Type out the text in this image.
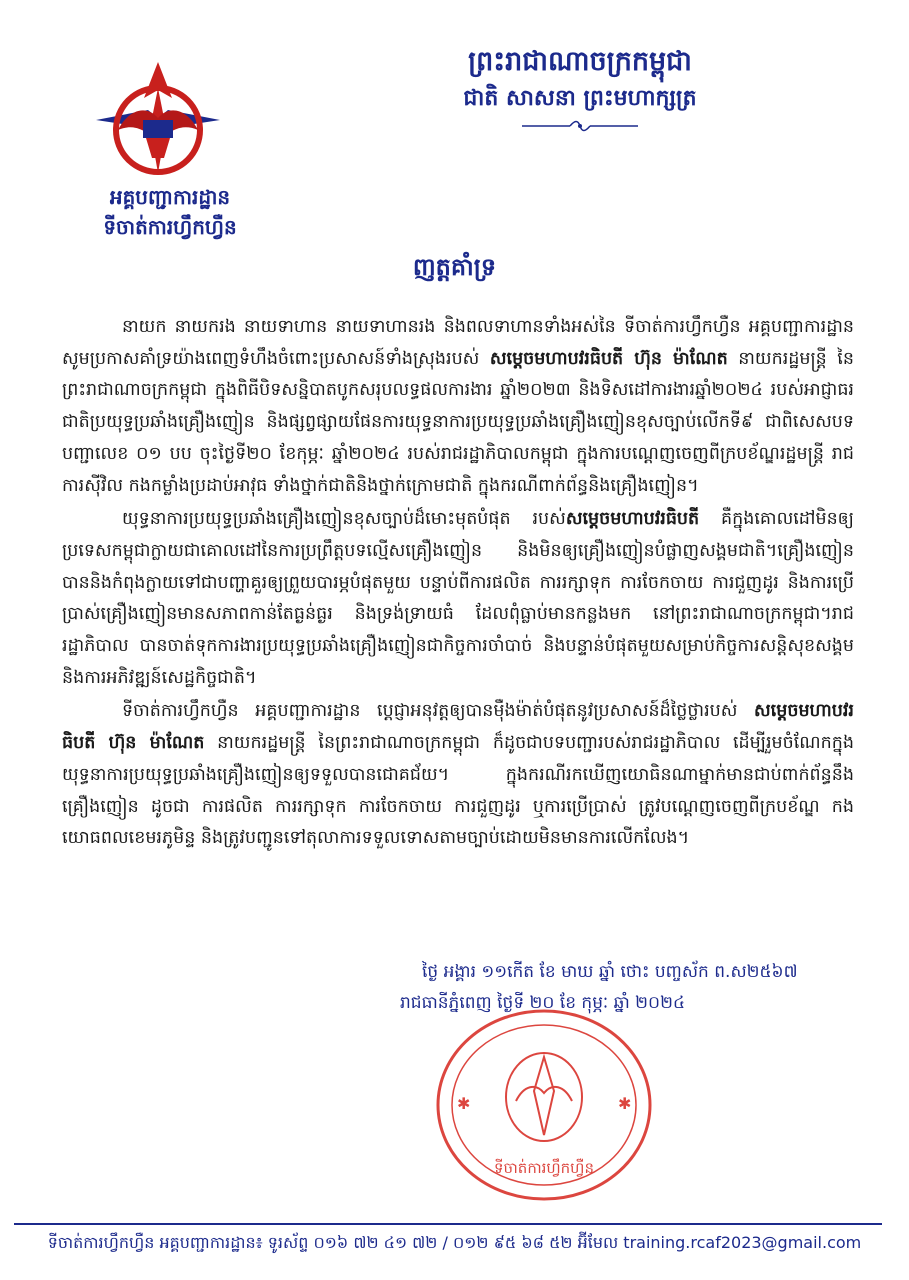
អគ្គបញ្ជាការដ្ឋាន
ទីចាត់ការហ្វឹកហ្វឺន
ព្រះរាជាណាចក្រកម្ពុជា
ជាតិ សាសនា ព្រះមហាក្សត្រ
ញត្តគាំទ្រ

នាយក នាយករង នាយទាហាន នាយទាហានរង និងពលទាហានទាំងអស់នៃ ទីចាត់ការហ្វឹកហ្វឺន អគ្គបញ្ជាការដ្ឋាន សូមប្រកាសគាំទ្រយ៉ាងពេញទំហឹងចំពោះប្រសាសន៍ទាំងស្រុងរបស់ សម្ដេចមហាបវរធិបតី ហ៊ុន ម៉ាណែត នាយករដ្ឋមន្ត្រី នៃព្រះរាជាណាចក្រកម្ពុជា ក្នុងពិធីបិទសន្និបាតបូកសរុបលទ្ធផលការងារ ឆ្នាំ២០២៣ និងទិសដៅការងារឆ្នាំ២០២៤ របស់អាជ្ញាធរជាតិប្រយុទ្ធប្រឆាំងគ្រឿងញៀន និងផ្សព្វផ្សាយផែនការយុទ្ធនាការប្រយុទ្ធប្រឆាំងគ្រឿងញៀនខុសច្បាប់លើកទី៩ ជាពិសេសបទបញ្ជាលេខ ០១ បប ចុះថ្ងៃទី២០ ខែកុម្ភៈ ឆ្នាំ២០២៤ របស់រាជរដ្ឋាភិបាលកម្ពុជា ក្នុងការបណ្ដេញចេញពីក្របខ័ណ្ឌរដ្ឋមន្ត្រី រាជការស៊ីវិល កងកម្លាំងប្រដាប់អាវុធ ទាំងថ្នាក់ជាតិនិងថ្នាក់ក្រោមជាតិ ក្នុងករណីពាក់ព័ន្ធនិងគ្រឿងញៀន។

យុទ្ធនាការប្រយុទ្ធប្រឆាំងគ្រឿងញៀនខុសច្បាប់ដ៏មោះមុតបំផុត របស់សម្ដេចមហាបវរធិបតី គឺក្នុងគោលដៅមិនឲ្យប្រទេសកម្ពុជាក្លាយជាគោលដៅនៃការប្រព្រឹត្តបទល្មើសគ្រឿងញៀន និងមិនឲ្យគ្រឿងញៀនបំផ្លាញសង្គមជាតិ។គ្រឿងញៀន បាននិងកំពុងក្លាយទៅជាបញ្ហាគួរឲ្យព្រួយបារម្ភបំផុតមួយ បន្ទាប់ពីការផលិត ការរក្សាទុក ការចែកចាយ ការជួញដូរ និងការប្រើប្រាស់គ្រឿងញៀនមានសភាពកាន់តែធ្ងន់ធ្ងរ និងទ្រង់ទ្រាយធំ ដែលពុំធ្លាប់មានកន្លងមក នៅព្រះរាជាណាចក្រកម្ពុជា។រាជរដ្ឋាភិបាល បានចាត់ទុកការងារប្រយុទ្ធប្រឆាំងគ្រឿងញៀនជាកិច្ចការចាំបាច់ និងបន្ទាន់បំផុតមួយសម្រាប់កិច្ចការសន្តិសុខសង្គម និងការអភិវឌ្ឍន៍សេដ្ឋកិច្ចជាតិ។

ទីចាត់ការហ្វឹកហ្វឺន អគ្គបញ្ជាការដ្ឋាន ប្ដេជ្ញាអនុវត្តឲ្យបានម៉ឺងម៉ាត់បំផុតនូវប្រសាសន៍ដ៏ថ្លៃថ្លារបស់ សម្ដេចមហាបវរធិបតី ហ៊ុន ម៉ាណែត នាយករដ្ឋមន្ត្រី នៃព្រះរាជាណាចក្រកម្ពុជា ក៏ដូចជាបទបញ្ជារបស់រាជរដ្ឋាភិបាល ដើម្បីរួមចំណែកក្នុងយុទ្ធនាការប្រយុទ្ធប្រឆាំងគ្រឿងញៀនឲ្យទទួលបានជោគជ័យ។ ក្នុងករណីរកឃើញយោធិនណាម្នាក់មានជាប់ពាក់ព័ន្ធនឹងគ្រឿងញៀន ដូចជា ការផលិត ការរក្សាទុក ការចែកចាយ ការជួញដូរ ឬការប្រើប្រាស់ ត្រូវបណ្ដេញចេញពីក្របខ័ណ្ឌ កងយោធពលខេមរភូមិន្ទ និងត្រូវបញ្ជូនទៅតុលាការទទួលទោសតាមច្បាប់ដោយមិនមានការលើកលែង។

ថ្ងៃ អង្គារ ១១កើត ខែ មាឃ ឆ្នាំ ថោះ បញ្ចស័ក ព.ស២៥៦៧
រាជធានីភ្នំពេញ ថ្ងៃទី ២០ ខែ កុម្ភៈ ឆ្នាំ ២០២៤
✱	✱
ទីចាត់ការហ្វឹកហ្វឺន
ទីចាត់ការហ្វឹកហ្វឺន អគ្គបញ្ជាការដ្ឋាន៖ ទូរស័ព្ទ ០១៦ ៧២ ៤១ ៧២ / ០១២ ៩៥ ៦៨ ៥២ អ៊ីមែល training.rcaf2023@gmail.com
